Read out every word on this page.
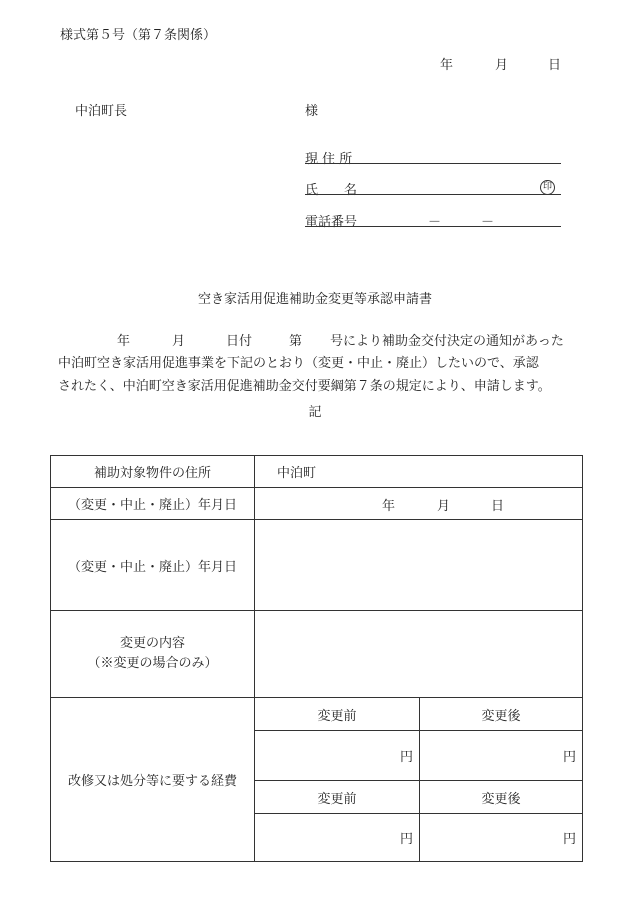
様式第５号（第７条関係）
年	月	日
中泊町長	様
現 住 所
氏　　名	印
電話番号	－	－
空き家活用促進補助金変更等承認申請書
年	月	日付	第 号により補助金交付決定の通知があった
中泊町空き家活用促進事業を下記のとおり（変更・中止・廃止）したいので、承認
されたく、中泊町空き家活用促進補助金交付要綱第７条の規定により、申請します。
記
補助対象物件の住所	中泊町	
（変更・中止・廃止）年月日	年 月 日	

（変更・中止・廃止）年月日		

変更の内容
（※変更の場合のみ）		

改修又は処分等に要する経費	変更前	変更後
	円	円
	変更前	変更後
	円	円
